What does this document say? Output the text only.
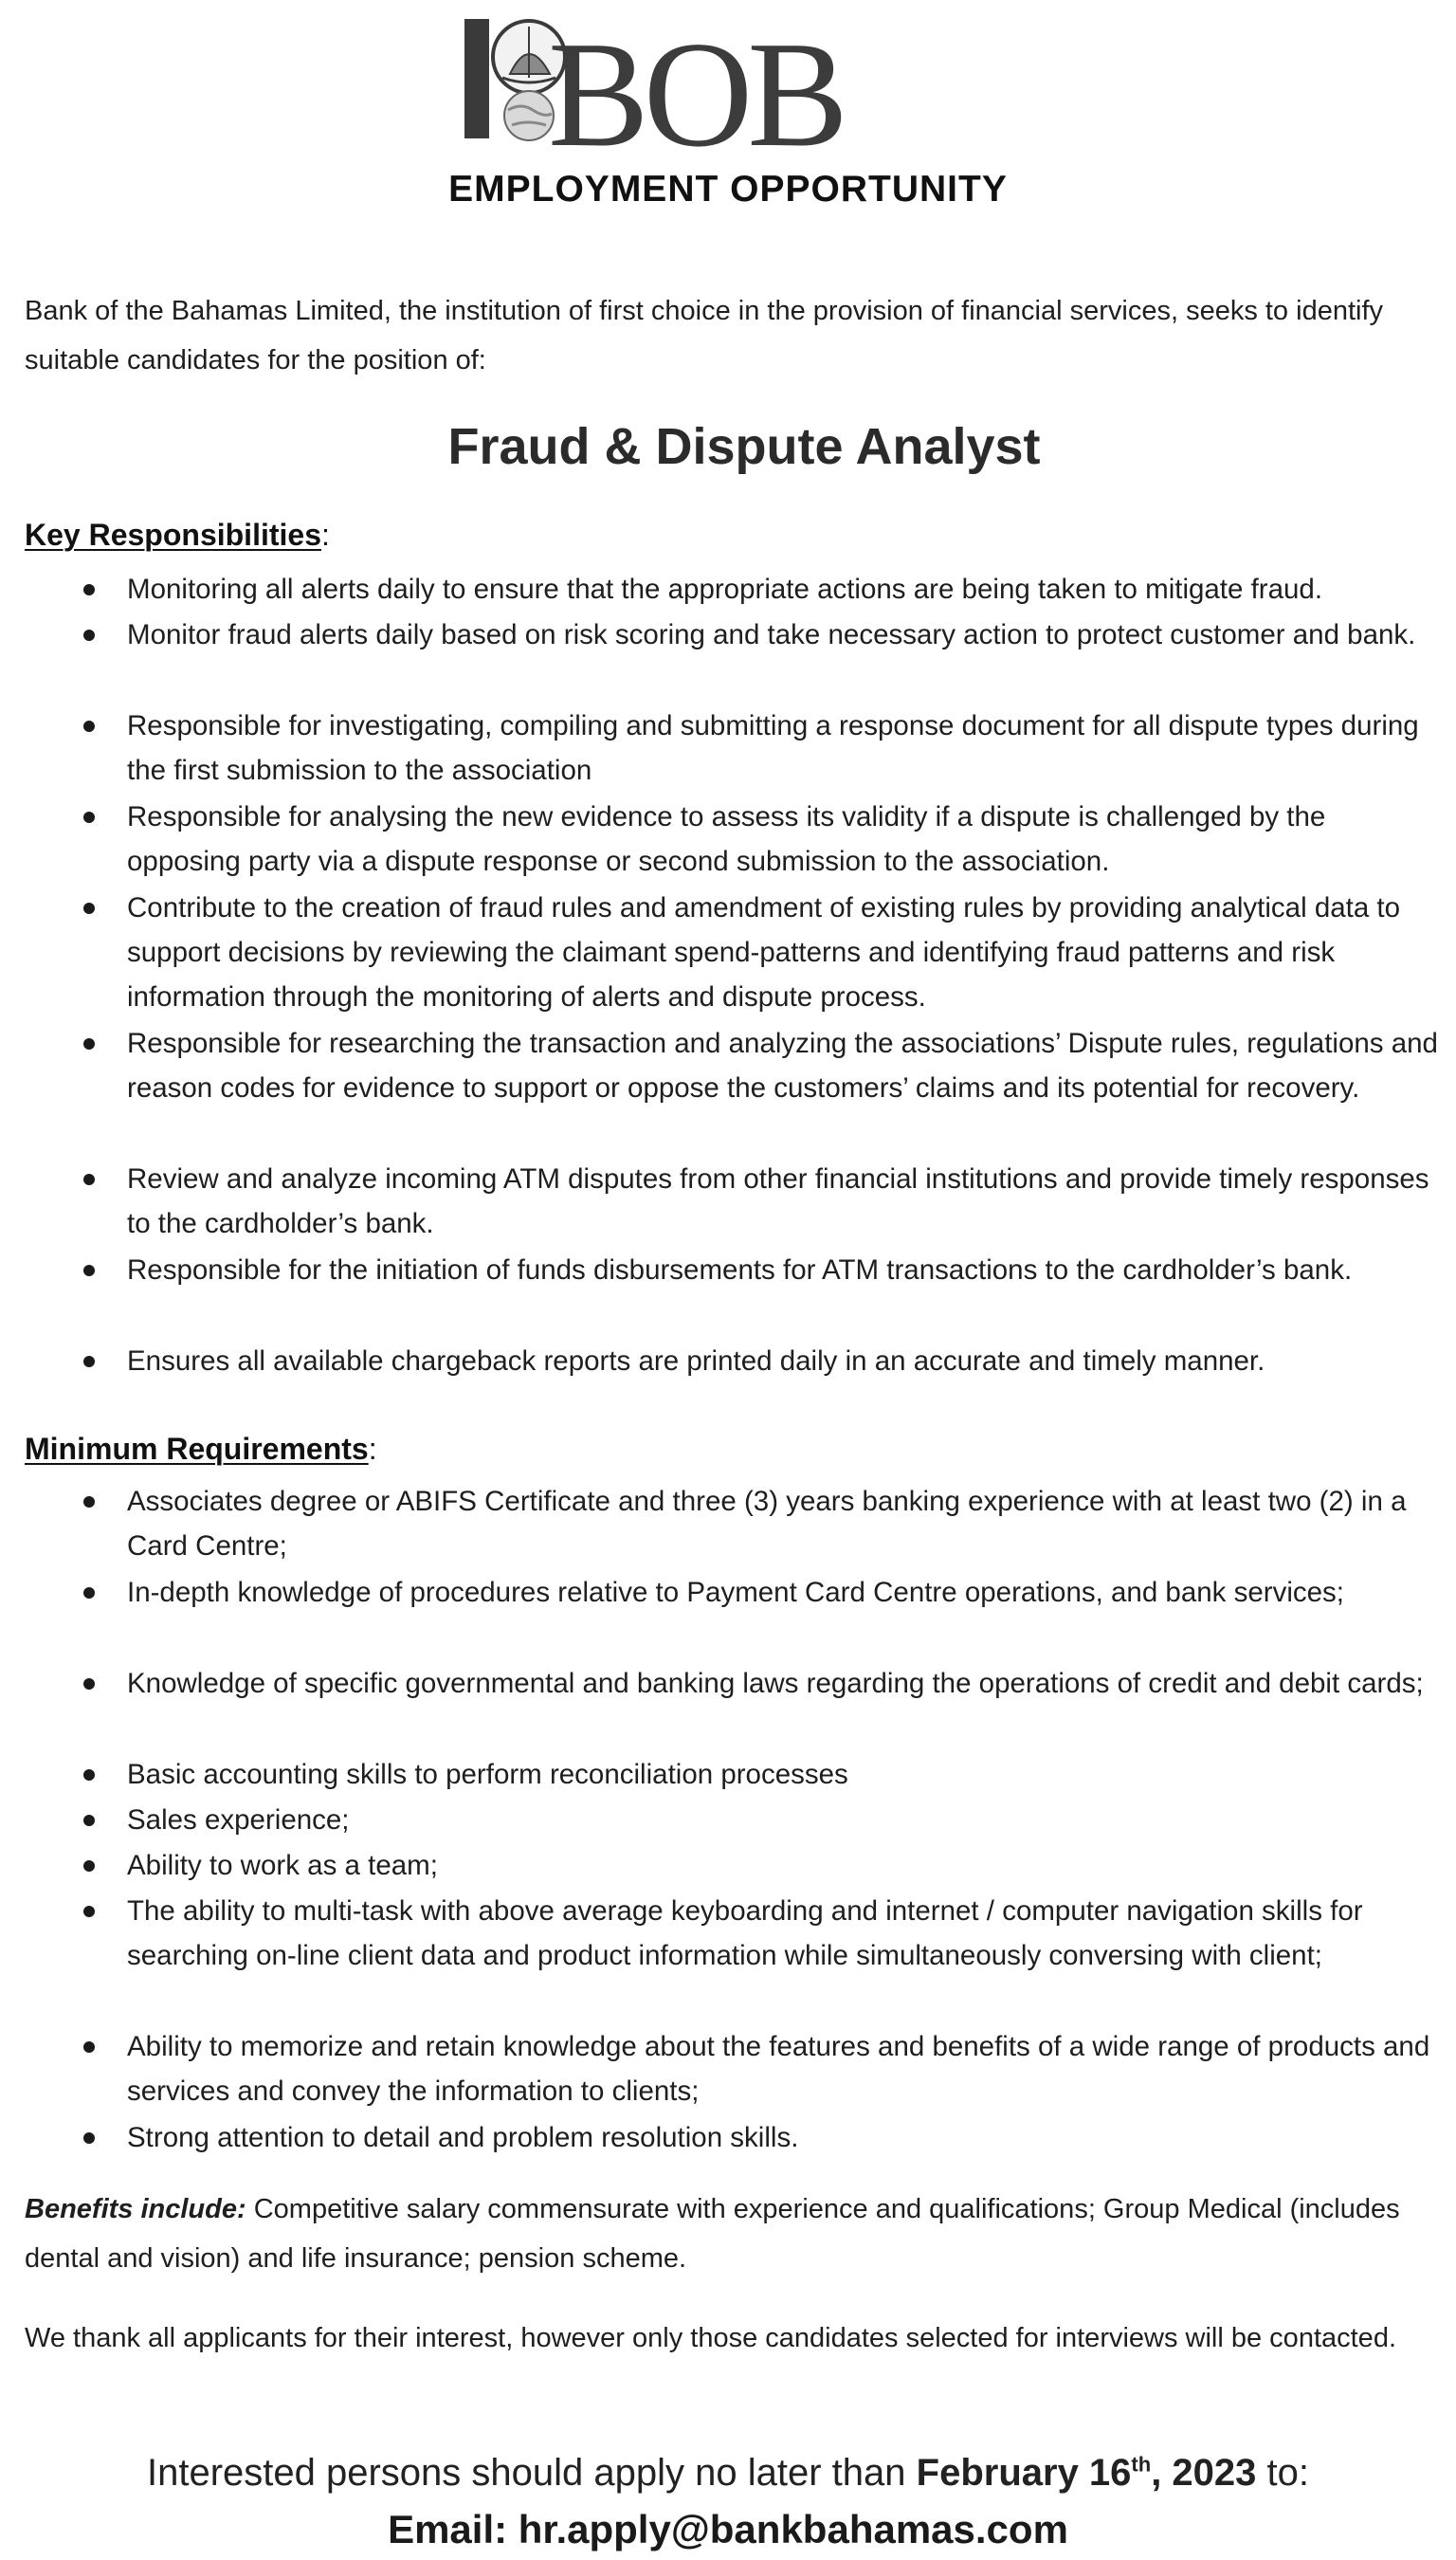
BOB
EMPLOYMENT OPPORTUNITY
Bank of the Bahamas Limited, the institution of first choice in the provision of financial services, seeks to identify suitable candidates for the position of:
Fraud & Dispute Analyst
Key Responsibilities:
Monitoring all alerts daily to ensure that the appropriate actions are being taken to mitigate fraud.
Monitor fraud alerts daily based on risk scoring and take necessary action to protect customer and bank.
Responsible for investigating, compiling and submitting a response document for all dispute types during the first submission to the association
Responsible for analysing the new evidence to assess its validity if a dispute is challenged by the opposing party via a dispute response or second submission to the association.
Contribute to the creation of fraud rules and amendment of existing rules by providing analytical data to support decisions by reviewing the claimant spend-patterns and identifying fraud patterns and risk information through the monitoring of alerts and dispute process.
Responsible for researching the transaction and analyzing the associations’ Dispute rules, regulations and reason codes for evidence to support or oppose the customers’ claims and its potential for recovery.
Review and analyze incoming ATM disputes from other financial institutions and provide timely responses to the cardholder’s bank.
Responsible for the initiation of funds disbursements for ATM transactions to the cardholder’s bank.
Ensures all available chargeback reports are printed daily in an accurate and timely manner.
Minimum Requirements:
Associates degree or ABIFS Certificate and three (3) years banking experience with at least two (2) in a Card Centre;
In-depth knowledge of procedures relative to Payment Card Centre operations, and bank services;
Knowledge of specific governmental and banking laws regarding the operations of credit and debit cards;
Basic accounting skills to perform reconciliation processes
Sales experience;
Ability to work as a team;
The ability to multi-task with above average keyboarding and internet / computer navigation skills for searching on-line client data and product information while simultaneously conversing with client;
Ability to memorize and retain knowledge about the features and benefits of a wide range of products and services and convey the information to clients;
Strong attention to detail and problem resolution skills.
Benefits include: Competitive salary commensurate with experience and qualifications; Group Medical (includes dental and vision) and life insurance; pension scheme.
We thank all applicants for their interest, however only those candidates selected for interviews will be contacted.
Interested persons should apply no later than February 16th, 2023 to:
Email: hr.apply@bankbahamas.com
